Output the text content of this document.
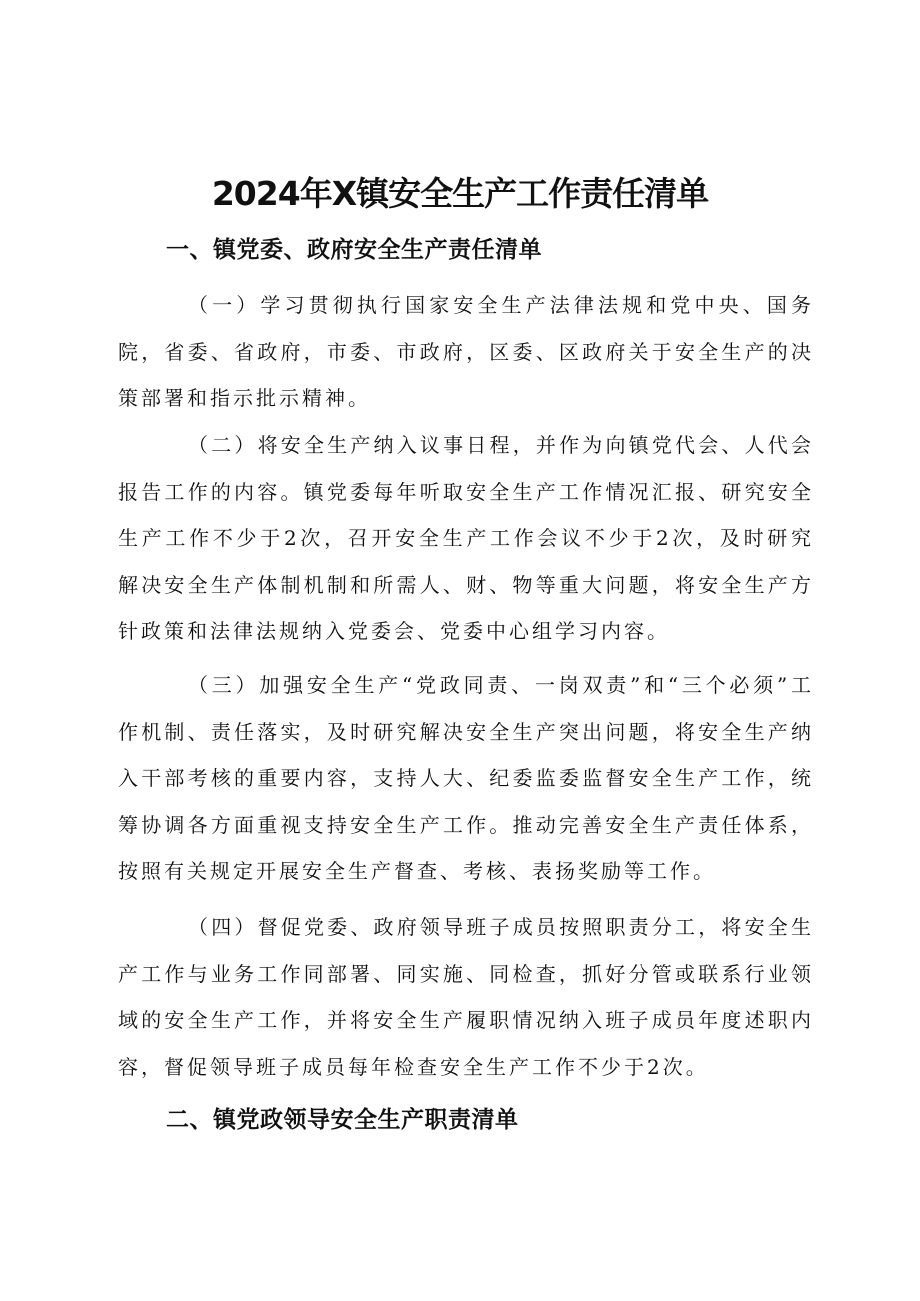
2024年X镇安全生产工作责任清单
一、镇党委、政府安全生产责任清单

（一）学习贯彻执行国家安全生产法律法规和党中央、国务院，省委、省政府，市委、市政府，区委、区政府关于安全生产的决策部署和指示批示精神。

（二）将安全生产纳入议事日程，并作为向镇党代会、人代会报告工作的内容。镇党委每年听取安全生产工作情况汇报、研究安全生产工作不少于2次，召开安全生产工作会议不少于2次，及时研究解决安全生产体制机制和所需人、财、物等重大问题，将安全生产方针政策和法律法规纳入党委会、党委中心组学习内容。

（三）加强安全生产“党政同责、一岗双责”和“三个必须”工作机制、责任落实，及时研究解决安全生产突出问题，将安全生产纳入干部考核的重要内容，支持人大、纪委监委监督安全生产工作，统筹协调各方面重视支持安全生产工作。推动完善安全生产责任体系，按照有关规定开展安全生产督查、考核、表扬奖励等工作。

（四）督促党委、政府领导班子成员按照职责分工，将安全生产工作与业务工作同部署、同实施、同检查，抓好分管或联系行业领域的安全生产工作，并将安全生产履职情况纳入班子成员年度述职内容，督促领导班子成员每年检查安全生产工作不少于2次。

二、镇党政领导安全生产职责清单
